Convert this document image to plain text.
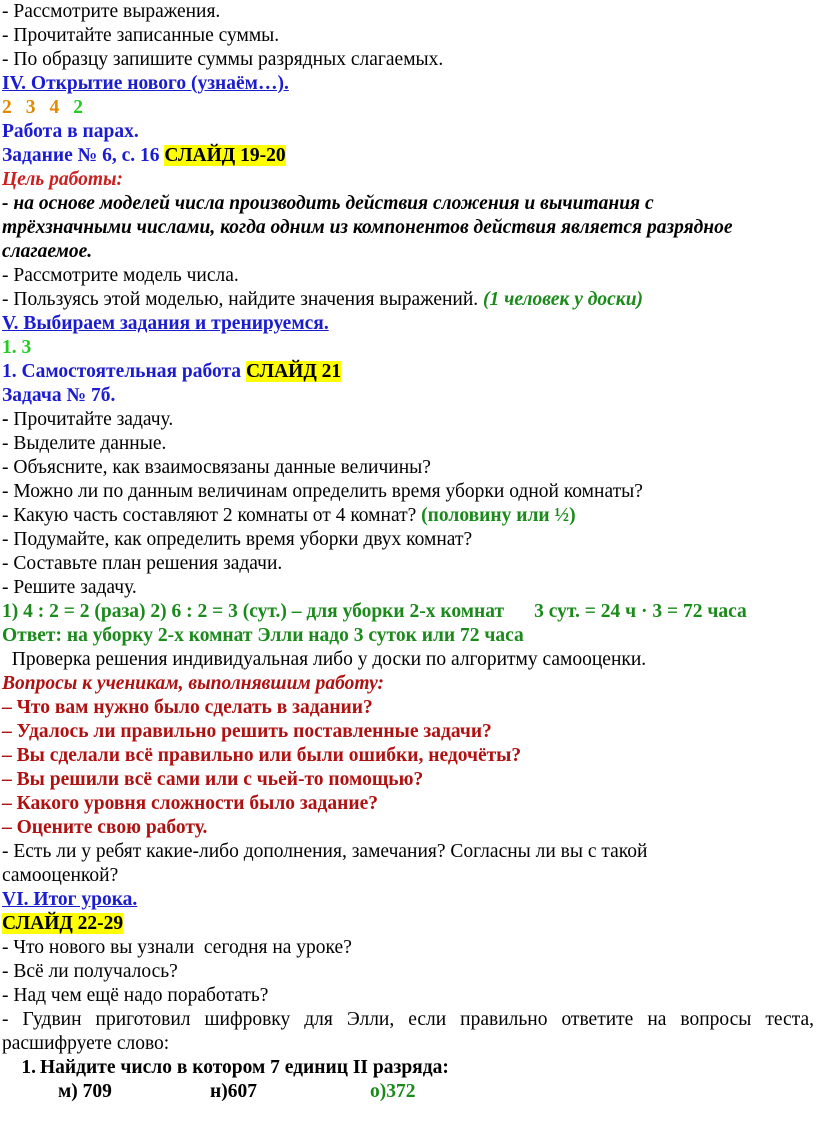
- Рассмотрите выражения.
- Прочитайте записанные суммы.
- По образцу запишите суммы разрядных слагаемых.
IV. Открытие нового (узнаём…).
2 3 4 2
Работа в парах.
Задание № 6, с. 16 СЛАЙД 19-20
Цель работы:
- на основе моделей числа производить действия сложения и вычитания с
трёхзначными числами, когда одним из компонентов действия является разрядное
слагаемое.
- Рассмотрите модель числа.
- Пользуясь этой моделью, найдите значения выражений. (1 человек у доски)
V. Выбираем задания и тренируемся.
1. 3
1. Самостоятельная работа СЛАЙД 21
Задача № 7б.
- Прочитайте задачу.
- Выделите данные.
- Объясните, как взаимосвязаны данные величины?
- Можно ли по данным величинам определить время уборки одной комнаты?
- Какую часть составляют 2 комнаты от 4 комнат? (половину или ½)
- Подумайте, как определить время уборки двух комнат?
- Составьте план решения задачи.
- Решите задачу.
1) 4 : 2 = 2 (раза) 2) 6 : 2 = 3 (сут.) – для уборки 2-х комнат 3 сут. = 24 ч · 3 = 72 часа
Ответ: на уборку 2-х комнат Элли надо 3 суток или 72 часа
Проверка решения индивидуальная либо у доски по алгоритму самооценки.
Вопросы к ученикам, выполнявшим работу:
– Что вам нужно было сделать в задании?
– Удалось ли правильно решить поставленные задачи?
– Вы сделали всё правильно или были ошибки, недочёты?
– Вы решили всё сами или с чьей-то помощью?
– Какого уровня сложности было задание?
– Оцените свою работу.
- Есть ли у ребят какие-либо дополнения, замечания? Согласны ли вы с такой
самооценкой?
VI. Итог урока.
СЛАЙД 22-29
- Что нового вы узнали  сегодня на уроке?
- Всё ли получалось?
- Над чем ещё надо поработать?
- Гудвин приготовил шифровку для Элли, если правильно ответите на вопросы теста,
расшифруете слово:
1. Найдите число в котором 7 единиц II разряда:
м) 709	н)607	о)372
